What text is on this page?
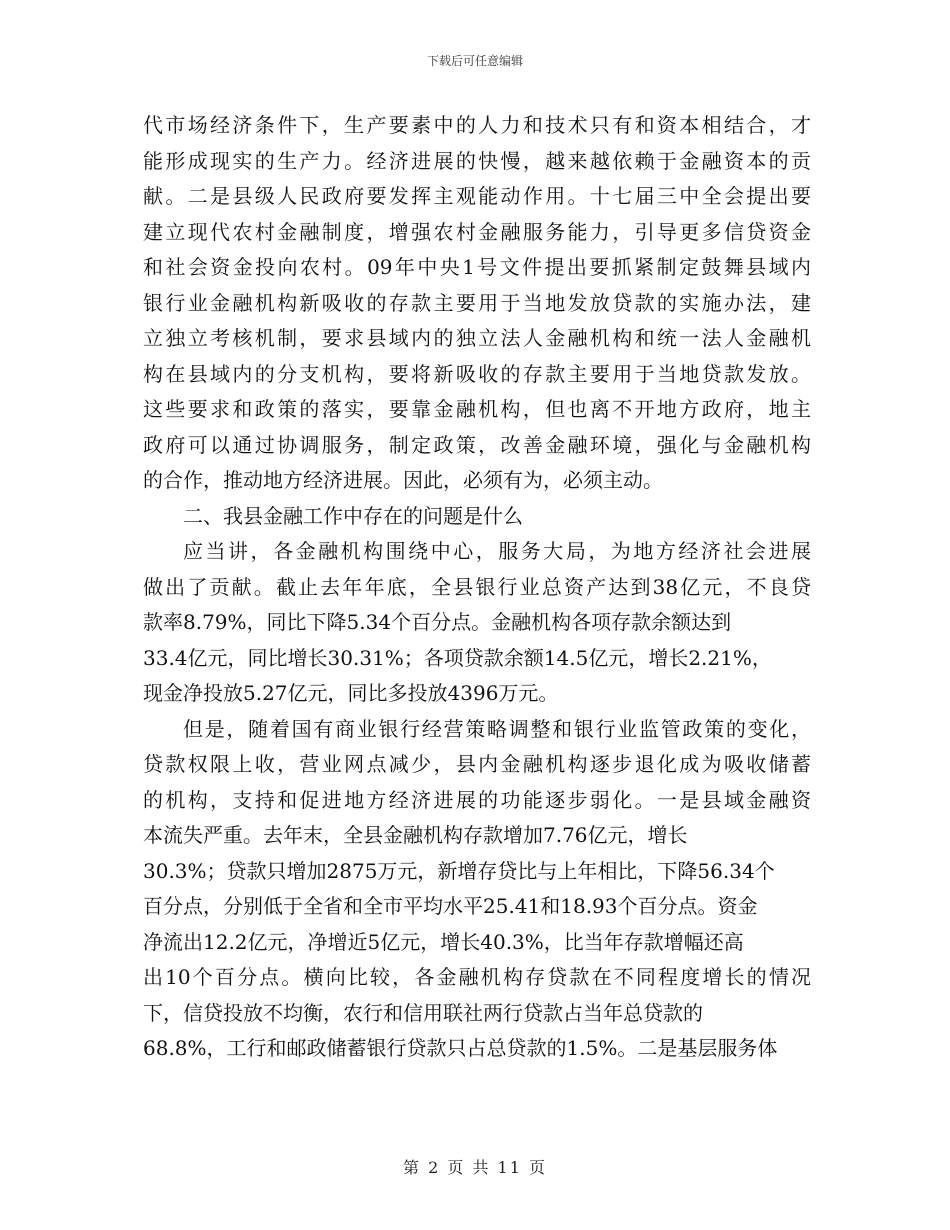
下载后可任意编辑
代市场经济条件下，生产要素中的人力和技术只有和资本相结合，才
能形成现实的生产力。经济进展的快慢，越来越依赖于金融资本的贡
献。二是县级人民政府要发挥主观能动作用。十七届三中全会提出要
建立现代农村金融制度，增强农村金融服务能力，引导更多信贷资金
和社会资金投向农村。09年中央1号文件提出要抓紧制定鼓舞县域内
银行业金融机构新吸收的存款主要用于当地发放贷款的实施办法，建
立独立考核机制，要求县域内的独立法人金融机构和统一法人金融机
构在县域内的分支机构，要将新吸收的存款主要用于当地贷款发放。
这些要求和政策的落实，要靠金融机构，但也离不开地方政府，地主
政府可以通过协调服务，制定政策，改善金融环境，强化与金融机构
的合作，推动地方经济进展。因此，必须有为，必须主动。
二、我县金融工作中存在的问题是什么
应当讲，各金融机构围绕中心，服务大局，为地方经济社会进展
做出了贡献。截止去年年底，全县银行业总资产达到38亿元，不良贷
款率8.79%，同比下降5.34个百分点。金融机构各项存款余额达到
33.4亿元，同比增长30.31%；各项贷款余额14.5亿元，增长2.21%，
现金净投放5.27亿元，同比多投放4396万元。
但是，随着国有商业银行经营策略调整和银行业监管政策的变化，
贷款权限上收，营业网点减少，县内金融机构逐步退化成为吸收储蓄
的机构，支持和促进地方经济进展的功能逐步弱化。一是县域金融资
本流失严重。去年末，全县金融机构存款增加7.76亿元，增长
30.3%；贷款只增加2875万元，新增存贷比与上年相比，下降56.34个
百分点，分别低于全省和全市平均水平25.41和18.93个百分点。资金
净流出12.2亿元，净增近5亿元，增长40.3%，比当年存款增幅还高
出10个百分点。横向比较，各金融机构存贷款在不同程度增长的情况
下，信贷投放不均衡，农行和信用联社两行贷款占当年总贷款的
68.8%，工行和邮政储蓄银行贷款只占总贷款的1.5%。二是基层服务体
第 2 页 共 11 页
